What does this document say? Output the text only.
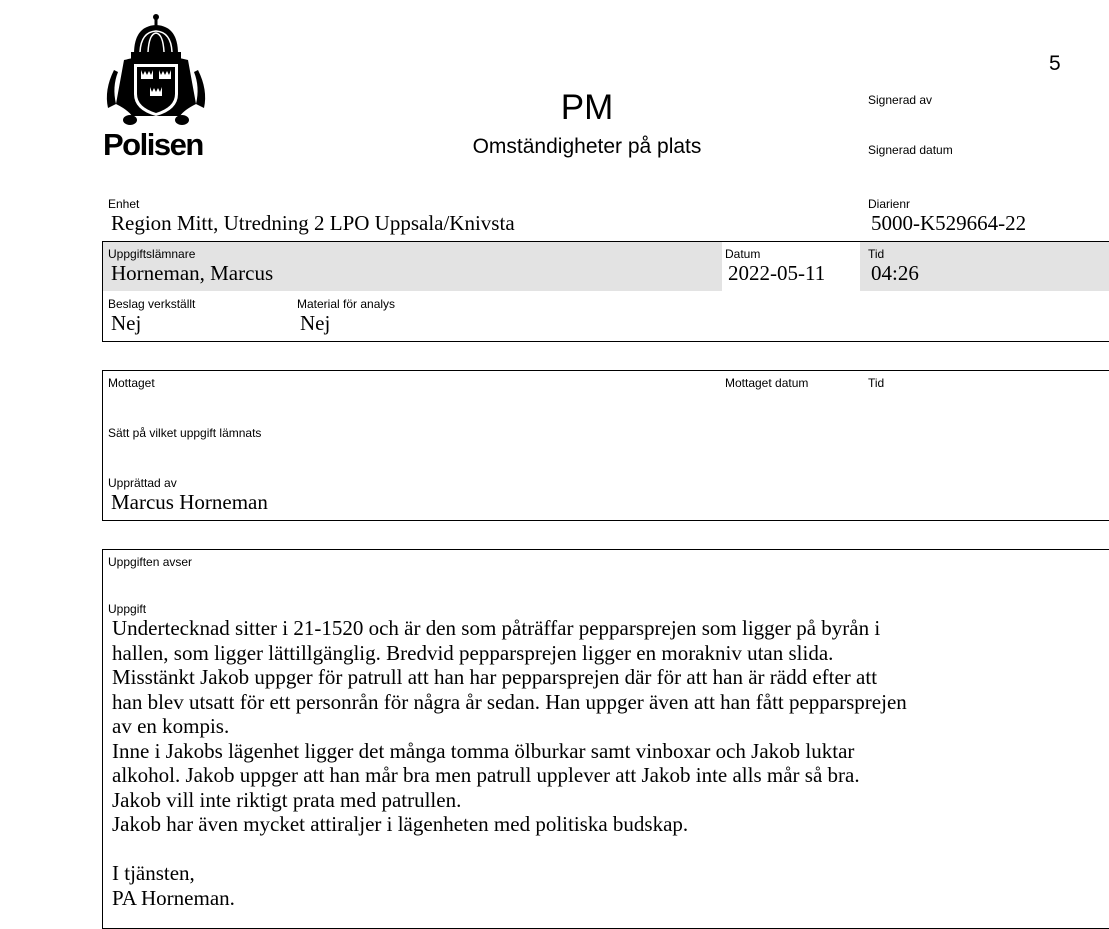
5
Polisen
PM
Omständigheter på plats
Signerad av
Signerad datum
Enhet
Region Mitt, Utredning 2 LPO Uppsala/Knivsta
Diarienr
5000-K529664-22
Uppgiftslämnare
Horneman, Marcus
Datum
2022-05-11
Tid
04:26
Beslag verkställt
Nej
Material för analys
Nej
Mottaget	Mottaget datum	Tid
Sätt på vilket uppgift lämnats
Upprättad av
Marcus Horneman
Uppgiften avser
Uppgift
Undertecknad sitter i 21-1520 och är den som påträffar pepparsprejen som ligger på byrån i
hallen, som ligger lättillgänglig. Bredvid pepparsprejen ligger en morakniv utan slida.
Misstänkt Jakob uppger för patrull att han har pepparsprejen där för att han är rädd efter att
han blev utsatt för ett personrån för några år sedan. Han uppger även att han fått pepparsprejen
av en kompis.
Inne i Jakobs lägenhet ligger det många tomma ölburkar samt vinboxar och Jakob luktar
alkohol. Jakob uppger att han mår bra men patrull upplever att Jakob inte alls mår så bra.
Jakob vill inte riktigt prata med patrullen.
Jakob har även mycket attiraljer i lägenheten med politiska budskap.

I tjänsten,
PA Horneman.
